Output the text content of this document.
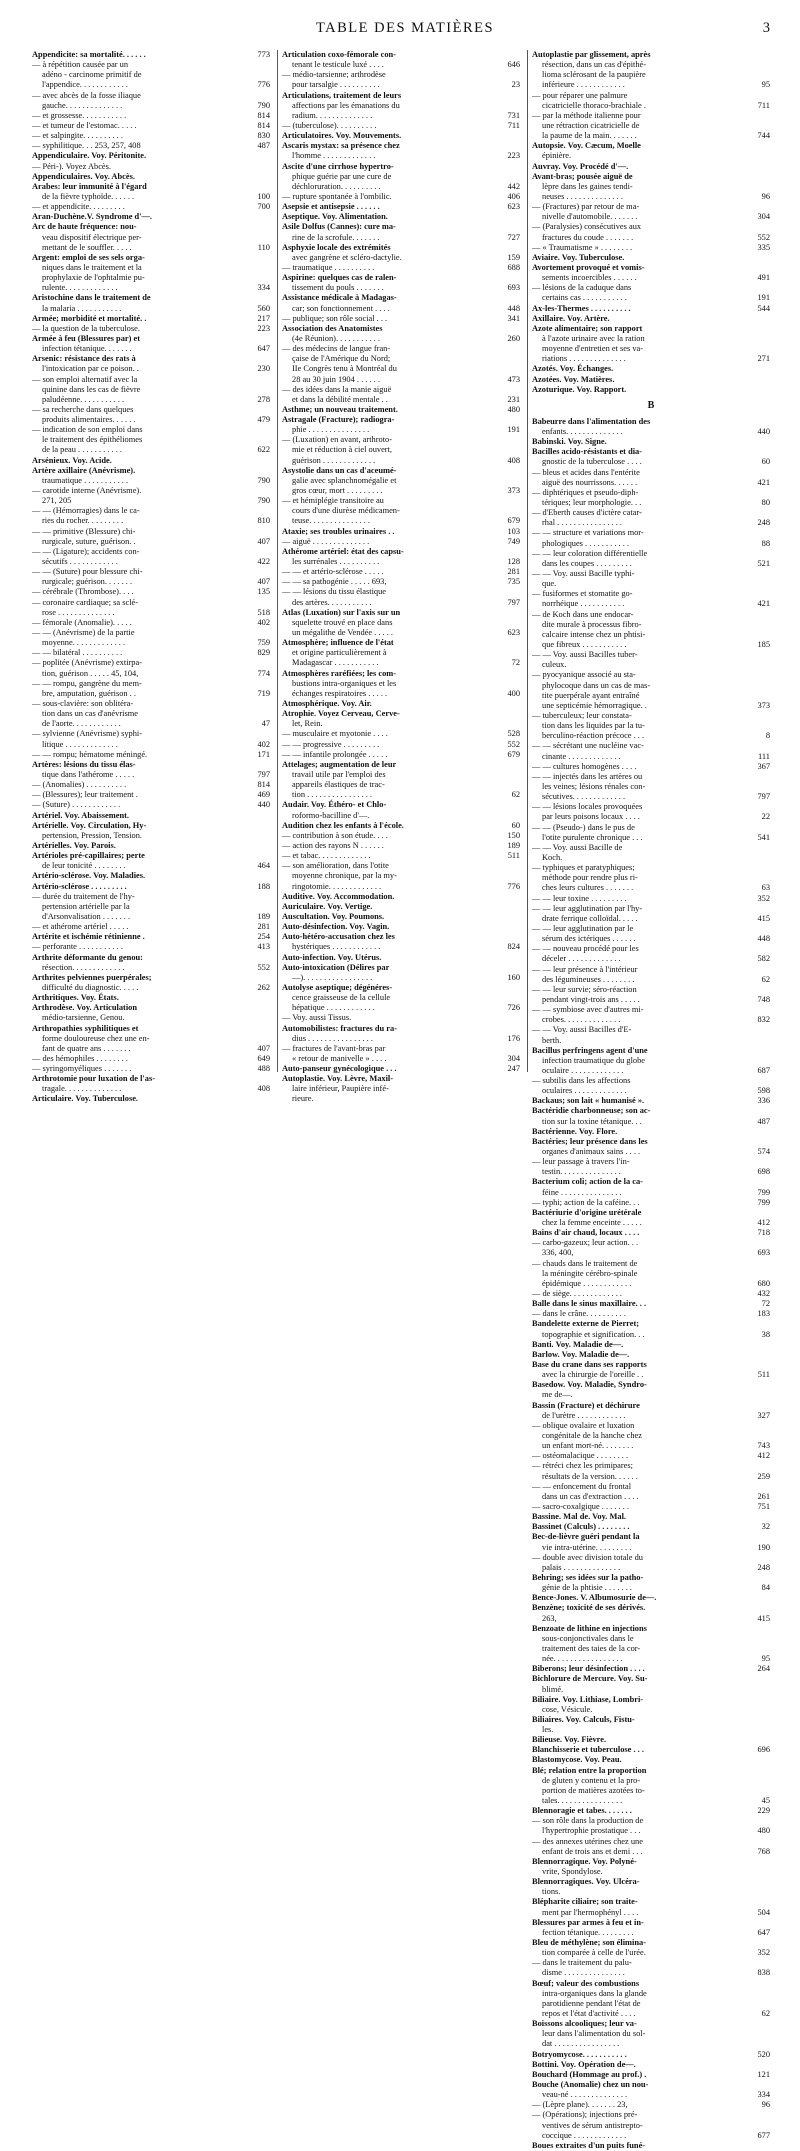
TABLE DES MATIÈRES	3
Appendicite: sa mortalité. . . . . .	773
— à répétition causée par un
adéno - carcinome primitif de
l'appendice. . . . . . . . . . . .	776
— avec abcès de la fosse iliaque
gauche. . . . . . . . . . . . . .	790
— et grossesse. . . . . . . . . . .	814
— et tumeur de l'estomac. . . . .	814
— et salpingite. . . . . . . . . .	830
— syphilitique. . . 253, 257, 408	487
Appendiculaire. Voy. Péritonite.
— Péri-). Voyez Abcès.
Appendiculaires. Voy. Abcès.
Arabes: leur immunité à l'égard
de la fièvre typhoïde. . . . . .	100
— et appendicite. . . . . . . . .	700
Aran-Duchène.V. Syndrome d'—.
Arc de haute fréquence: nou-
veau dispositif électrique per-
mettant de le souffler. . . . .	110
Argent: emploi de ses sels orga-
niques dans le traitement et la
prophylaxie de l'ophtalmie pu-
rulente. . . . . . . . . . . . .	334
Aristochine dans le traitement de
la malaria . . . . . . . . . . .	560
Armée; morbidité et mortalité. .	217
— la question de la tuberculose.	223
Armée à feu (Blessures par) et
infection tétanique. . . . . . .	647
Arsenic: résistance des rats à
l'intoxication par ce poison. .	230
— son emploi alternatif avec la
quinine dans les cas de fièvre
paludéenne. . . . . . . . . . .	278
— sa recherche dans quelques
produits alimentaires. . . . . .	479
— indication de son emploi dans
le traitement des épithéliomes
de la peau . . . . . . . . . . .	622
Arsénieux. Voy. Acide.
Artère axillaire (Anévrisme).
traumatique . . . . . . . . . . .	790
— carotide interne (Anévrisme).
271, 205	790
— — (Hémorragies) dans le ca-
ries du rocher. . . . . . . . .	810
— — primitive (Blessure) chi-
rurgicale, suture, guérison. .	407
— — (Ligature); accidents con-
sécutifs . . . . . . . . . . . .	422
— — (Suture) pour blessure chi-
rurgicale; guérison. . . . . . .	407
— cérébrale (Thrombose). . . .	135
— coronaire cardiaque; sa sclé-
rose . . . . . . . . . . . . . .	518
— fémorale (Anomalie). . . . .	402
— — (Anévrisme) de la partie
moyenne. . . . . . . . . . . . .	759
— — bilatéral . . . . . . . . . .	829
— poplitée (Anévrisme) extirpa-
tion, guérison . . . . . 45, 104,	774
— — rompu, gangrène du mem-
bre, amputation, guérison . .	719
— sous-clavière: son oblitéra-
tion dans un cas d'anévrisme
de l'aorte. . . . . . . . . . . .	47
— sylvienne (Anévrisme) syphi-
litique . . . . . . . . . . . . .	402
— — rompu; hématome méningé.	171
Artères: lésions du tissu élas-
tique dans l'athérome . . . . .	797
— (Anomalies) . . . . . . . . . .	814
— (Blessures); leur traitement .	469
— (Suture) . . . . . . . . . . . .	440
Artériel. Voy. Abaissement.
Artérielle. Voy. Circulation, Hy-
pertension, Pression, Tension.
Artérielles. Voy. Parois.
Artérioles pré-capillaires; perte
de leur tonicité . . . . . . . .	464
Artério-sclérose. Voy. Maladies.
Artério-sclérose . . . . . . . . .	188
— durée du traitement de l'hy-
pertension artérielle par la
d'Arsonvalisation . . . . . . .	189
— et athérome artériel . . . . .	281
Artérite et ischémie rétinienne .	254
— perforante . . . . . . . . . . .	413
Arthrite déformante du genou:
résection. . . . . . . . . . . . .	552
Arthrites pelviennes puerpérales;
difficulté du diagnostic. . . . .	262
Arthritiques. Voy. États.
Arthrodèse. Voy. Articulation
médio-tarsienne, Genou.
Arthropathies syphilitiques et
forme douloureuse chez une en-
fant de quatre ans . . . . . . .	407
— des hémophiles . . . . . . . .	649
— syringomyéliques . . . . . . .	488
Arthrotomie pour luxation de l'as-
tragale. . . . . . . . . . . . . .	408
Articulaire. Voy. Tuberculose.
Articulation coxo-fémorale con-
tenant le testicule luxé . . . .	646
— médio-tarsienne; arthrodèse
pour tarsalgie . . . . . . . . . .	23
Articulations, traitement de leurs
affections par les émanations du
radium. . . . . . . . . . . . . .	731
— (tuberculose). . . . . . . . . .	711
Articulatoires. Voy. Mouvements.
Ascaris mystax: sa présence chez
l'homme . . . . . . . . . . . . .	223
Ascite d'une cirrhose hypertro-
phique guérie par une cure de
déchloruration. . . . . . . . . .	442
— rupture spontanée à l'ombilic.	406
Asepsie et antisepsie . . . . . .	623
Aseptique. Voy. Alimentation.
Asile Dolfus (Cannes): cure ma-
rine de la scrofule. . . . . . .	727
Asphyxie locale des extrémités
avec gangrène et scléro-dactylie.	159
— traumatique . . . . . . . . . .	688
Aspirine: quelques cas de ralen-
tissement du pouls . . . . . . .	693
Assistance médicale à Madagas-
car; son fonctionnement . . . .	448
— publique; son rôle social . . .	341
Association des Anatomistes
(4e Réunion). . . . . . . . . . .	260
— des médecins de langue fran-
çaise de l'Amérique du Nord;
IIe Congrès tenu à Montréal du
28 au 30 juin 1904 . . . . . .	473
— des idées dans la manie aiguë
et dans la débilité mentale . .	231
Asthme; un nouveau traitement.	480
Astragale (Fracture); radiogra-
phie . . . . . . . . . . . . . . .	191
— (Luxation) en avant, arthroto-
mie et réduction à ciel ouvert,
guérison . . . . . . . . . . . . .	408
Asystolie dans un cas d'aceumé-
galie avec splanchnomégalie et
gros cœur, mort . . . . . . . . .	373
— et hémiplégie transitoire au
cours d'une diurèse médicamen-
teuse. . . . . . . . . . . . . . .	679
Ataxie; ses troubles urinaires . .	103
— aiguë . . . . . . . . . . . . . .	749
Athérome artériel: état des capsu-
les surrénales . . . . . . . . . .	128
— — et artério-sclérose . . . . .	281
— — sa pathogénie . . . . . 693,	735
— — lésions du tissu élastique
des artères. . . . . . . . . . .	797
Atlas (Luxation) sur l'axis sur un
squelette trouvé en place dans
un mégalithe de Vendée . . . . .	623
Atmosphère; influence de l'état
et origine particulièrement à
Madagascar . . . . . . . . . . .	72
Atmosphères raréfiées; les com-
bustions intra-organiques et les
échanges respiratoires . . . . .	400
Atmosphérique. Voy. Air.
Atrophie. Voyez Cerveau, Cerve-
let, Rein.
— musculaire et myotonie . . . .	528
— — progressive . . . . . . . . .	552
— — infantile prolongée . . . . .	679
Attelages; augmentation de leur
travail utile par l'emploi des
appareils élastiques de trac-
tion . . . . . . . . . . . . . . . .	62
Audair. Voy. Éthéro- et Chlo-
roformo-bacilline d'—.
Audition chez les enfants à l'école.	60
— contribution à son étude. . . .	150
— action des rayons N . . . . . .	189
— et tabac. . . . . . . . . . . . .	511
— son amélioration, dans l'otite
moyenne chronique, par la my-
ringotomie. . . . . . . . . . . . .	776
Auditive. Voy. Accommodation.
Auriculaire. Voy. Vertige.
Auscultation. Voy. Poumons.
Auto-désinfection. Voy. Vagin.
Auto-hétéro-accusation chez les
hystériques . . . . . . . . . . . .	824
Auto-infection. Voy. Utérus.
Auto-intoxication (Délires par
—). . . . . . . . . . . . . . . . .	160
Autolyse aseptique; dégénéres-
cence graisseuse de la cellule
hépatique . . . . . . . . . . . .	726
— Voy. aussi Tissus.
Automobilistes: fractures du ra-
dius . . . . . . . . . . . . . . . .	176
— fractures de l'avant-bras par
« retour de manivelle » . . . .	304
Auto-panseur gynécologique . . .	247
Autoplastie. Voy. Lèvre, Maxil-
laire inférieur, Paupière infé-
rieure.
Autoplastie par glissement, après
résection, dans un cas d'épithé-
lioma sclérosant de la paupière
inférieure . . . . . . . . . . . .	95
— pour réparer une palmure
cicatricielle thoraco-brachiale .	711
— par la méthode italienne pour
une rétraction cicatricielle de
la paume de la main. . . . . . .	744
Autopsie. Voy. Cæcum, Moelle
épinière.
Auvray. Voy. Procédé d'—.
Avant-bras; pousée aiguë de
lèpre dans les gaines tendi-
neuses . . . . . . . . . . . . . .	96
— (Fractures) par retour de ma-
nivelle d'automobile. . . . . . .	304
— (Paralysies) consécutives aux
fractures du coude . . . . . . .	552
— « Traumatisme » . . . . . . . .	335
Aviaire. Voy. Tuberculose.
Avortement provoqué et vomis-
sements incoercibles . . . . . .	491
— lésions de la caduque dans
certains cas . . . . . . . . . . .	191
Ax-les-Thermes . . . . . . . . . .	544
Axillaire. Voy. Artère.
Azote alimentaire; son rapport
à l'azote urinaire avec la ration
moyenne d'entretien et ses va-
riations . . . . . . . . . . . . . .	271
Azotés. Voy. Échanges.
Azotées. Voy. Matières.
Azoturique. Voy. Rapport.
B
Babeurre dans l'alimentation des
enfants. . . . . . . . . . . . . .	440
Babinski. Voy. Signe.
Bacilles acido-résistants et dia-
gnostic de la tuberculose . . . .	60
— bleus et acides dans l'entérite
aiguë des nourrissons. . . . . .	421
— diphtériques et pseudo-diph-
tériques; leur morphologie. . .	80
— d'Eberth causes d'ictère catar-
rhal . . . . . . . . . . . . . . . .	248
— — structure et variations mor-
phologiques . . . . . . . . . . .	88
— — leur coloration différentielle
dans les coupes . . . . . . . . .	521
— — Voy. aussi Bacille typhi-
que.
— fusiformes et stomatite go-
norrhéique . . . . . . . . . . .	421
— de Koch dans une endocar-
dite murale à processus fibro-
calcaire intense chez un phtisi-
que fibreux . . . . . . . . . . .	185
— — Voy. aussi Bacilles tuber-
culeux.
— pyocyanique associé au sta-
phylocoque dans un cas de mas-
tite puerpérale ayant entraîné
une septicémie hémorragique. .	373
— tuberculeux; leur constata-
tion dans les liquides par la tu-
berculino-réaction précoce . . .	8
— — sécrétant une nucléine vac-
cinante . . . . . . . . . . . . .	111
— — cultures homogènes . . . .	367
— — injectés dans les artères ou
les veines; lésions rénales con-
sécutives. . . . . . . . . . . . .	797
— — lésions locales provoquées
par leurs poisons locaux . . . .	22
— — (Pseudo-) dans le pus de
l'otite purulente chronique . . .	541
— — Voy. aussi Bacille de
Koch.
— typhiques et paratyphiques;
méthode pour rendre plus ri-
ches leurs cultures . . . . . . .	63
— — leur toxine . . . . . . . . .	352
— — leur agglutination par l'hy-
drate ferrique colloïdal. . . . .	415
— — leur agglutination par le
sérum des ictériques . . . . . .	448
— — nouveau procédé pour les
déceler . . . . . . . . . . . . .	582
— — leur présence à l'intérieur
des légumineuses . . . . . . . .	62
— — leur survie; séro-réaction
pendant vingt-trois ans . . . . .	748
— — symbiose avec d'autres mi-
crobes. . . . . . . . . . . . . .	832
— — Voy. aussi Bacilles d'E-
berth.
Bacillus perfringens agent d'une
infection traumatique du globe
oculaire . . . . . . . . . . . . .	687
— subtilis dans les affections
oculaires . . . . . . . . . . . . .	598
Backaus; son lait « humanisé ».	336
Bactéridie charbonneuse; son ac-
tion sur la toxine tétanique. . .	487
Bactérienne. Voy. Flore.
Bactéries; leur présence dans les
organes d'animaux sains . . . .	574
— leur passage à travers l'in-
testin. . . . . . . . . . . . . . .	698
Bacterium coli; action de la ca-
féine . . . . . . . . . . . . . . .	799
— typhi; action de la caféine. . .	799
Bactériurie d'origine urétérale
chez la femme enceinte . . . . .	412
Bains d'air chaud, locaux . . . .	718
— carbo-gazeux; leur action. . .
336, 400,	693
— chauds dans le traitement de
la méningite cérébro-spinale
épidémique . . . . . . . . . . . .	680
— de siège. . . . . . . . . . . . .	432
Balle dans le sinus maxillaire. . .	72
— dans le crâne. . . . . . . . . .	183
Bandelette externe de Pierret;
topographie et signification. . .	38
Banti. Voy. Maladie de—.
Barlow. Voy. Maladie de—.
Base du crane dans ses rapports
avec la chirurgie de l'oreille . .	511
Basedow. Voy. Maladie, Syndro-
me de—.
Bassin (Fracture) et déchirure
de l'urètre . . . . . . . . . . . .	327
— oblique ovalaire et luxation
congénitale de la hanche chez
un enfant mort-né. . . . . . . .	743
— ostéomalacique . . . . . . . .	412
— rétréci chez les primipares;
résultats de la version. . . . . .	259
— — enfoncement du frontal
dans un cas d'extraction . . . .	261
— sacro-coxalgique . . . . . . .	751
Bassine. Mal de. Voy. Mal.
Bassinet (Calculs) . . . . . . . .	32
Bec-de-lièvre guéri pendant la
vie intra-utérine. . . . . . . . .	190
— double avec division totale du
palais . . . . . . . . . . . . . .	248
Behring; ses idées sur la patho-
génie de la phtisie . . . . . . .	84
Bence-Jones. V. Albumosurie de—.
Benzène; toxicité de ses dérivés.
263,	415
Benzoate de lithine en injections
sous-conjonctivales dans le
traitement des taies de la cor-
née. . . . . . . . . . . . . . . . .	95
Biberons; leur désinfection . . . .	264
Bichlorure de Mercure. Voy. Su-
blimé.
Biliaire. Voy. Lithiase, Lombri-
cose, Vésicule.
Biliaires. Voy. Calculs, Fistu-
les.
Bilieuse. Voy. Fièvre.
Blanchisserie et tuberculose . . .	696
Blastomycose. Voy. Peau.
Blé; relation entre la proportion
de gluten y contenu et la pro-
portion de matières azotées to-
tales. . . . . . . . . . . . . . . .	45
Blennoragie et tabes. . . . . . .	229
— son rôle dans la production de
l'hypertrophie prostatique . . .	480
— des annexes utérines chez une
enfant de trois ans et demi . . .	768
Blennorragique. Voy. Polyné-
vrite, Spondylose.
Blennorragiques. Voy. Ulcéra-
tions.
Blépharite ciliaire; son traite-
ment par l'hermophényl . . . .	504
Blessures par armes à feu et in-
fection tétanique. . . . . . . . .	647
Bleu de méthylène; son élimina-
tion comparée à celle de l'urée.	352
— dans le traitement du palu-
disme . . . . . . . . . . . . . . .	838
Bœuf; valeur des combustions
intra-organiques dans la glande
parotidienne pendant l'état de
repos et l'état d'activité . . . .	62
Boissons alcooliques; leur va-
leur dans l'alimentation du sol-
dat . . . . . . . . . . . . . . . .
Botryomycose. . . . . . . . . . .	520
Bottini. Voy. Opération de—.
Bouchard (Hommage au prof.) .	121
Bouche (Anomalie) chez un nou-
veau-né . . . . . . . . . . . . . .	334
— (Lèpre plane). . . . . . . 23,	96
— (Opérations); injections pré-
ventives de sérum antistrepto-
coccique . . . . . . . . . . . . .	677
Boues extraites d'un puits funé-
